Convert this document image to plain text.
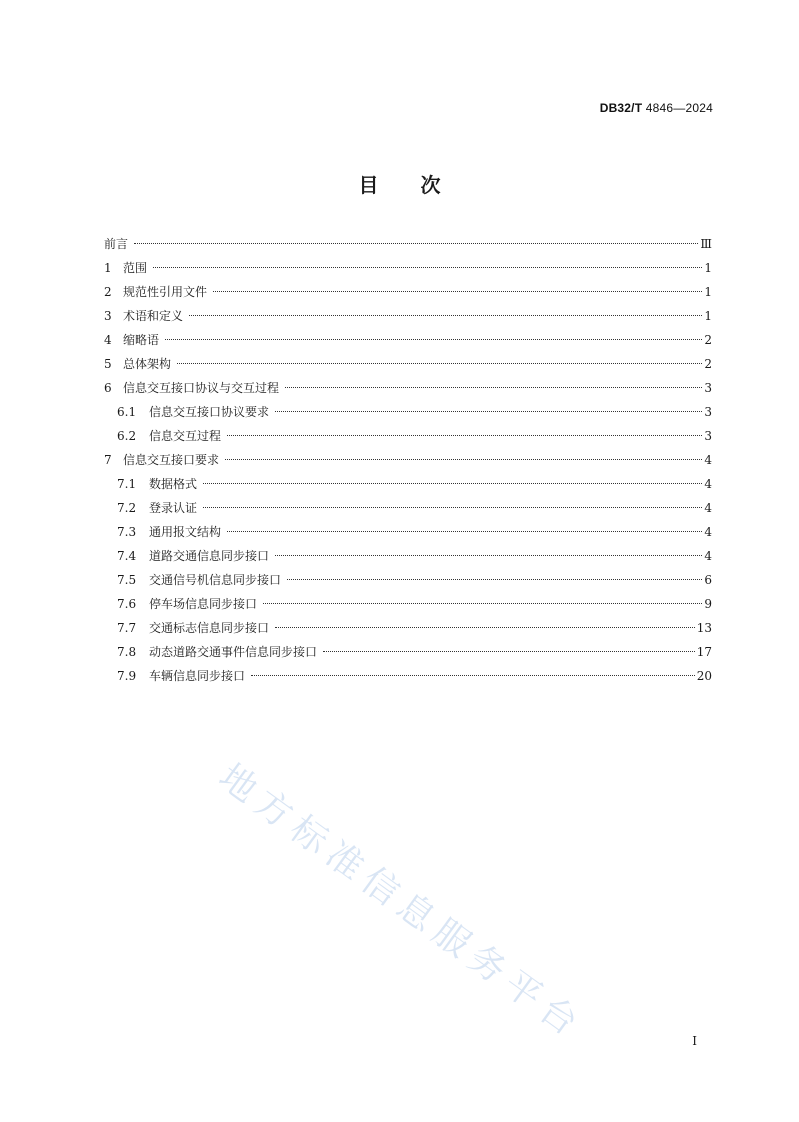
DB32/T 4846—2024
目 次
前言	Ⅲ
1 范围	1
2 规范性引用文件	1
3 术语和定义	1
4 缩略语	2
5 总体架构	2
6 信息交互接口协议与交互过程	3
6.1	信息交互接口协议要求	3
6.2	信息交互过程	3
7 信息交互接口要求	4
7.1	数据格式	4
7.2	登录认证	4
7.3	通用报文结构	4
7.4	道路交通信息同步接口	4
7.5	交通信号机信息同步接口	6
7.6	停车场信息同步接口	9
7.7	交通标志信息同步接口	13
7.8	动态道路交通事件信息同步接口	17
7.9	车辆信息同步接口	20
地方标准信息服务平台	I
